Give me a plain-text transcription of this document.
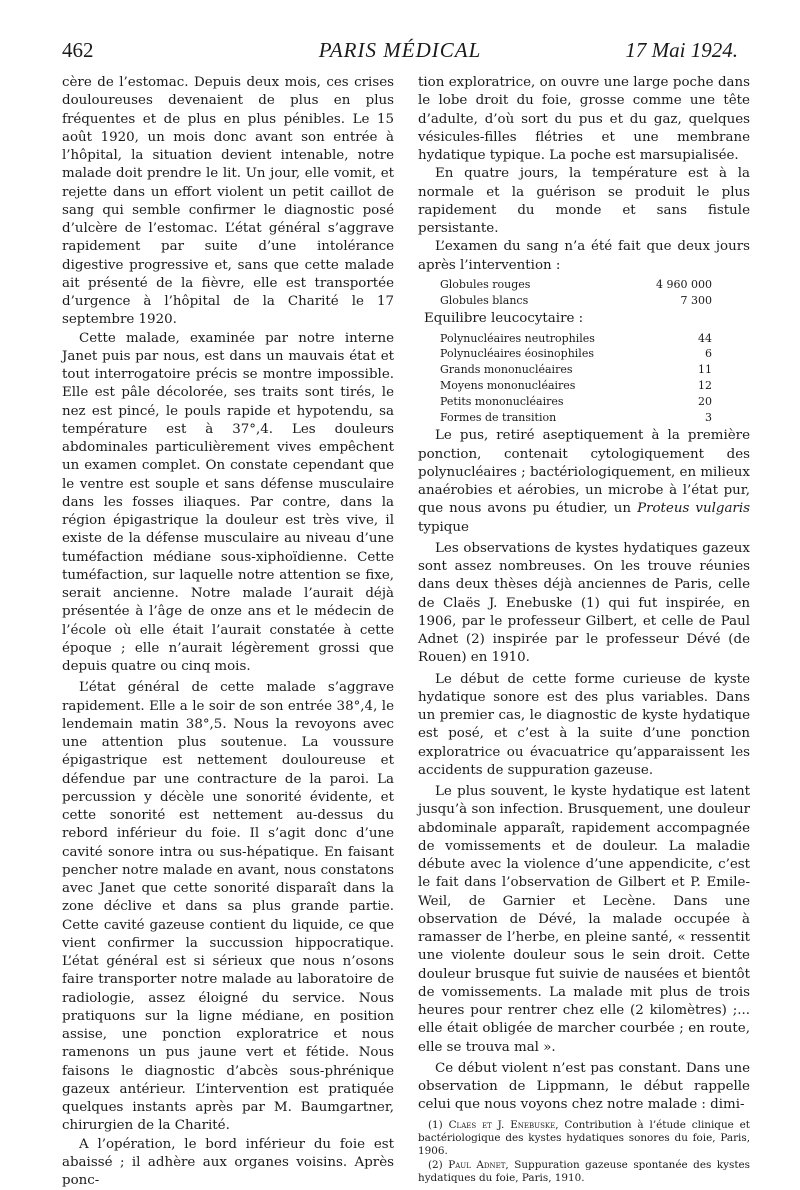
462	PARIS MÉDICAL	17 Mai 1924.

cère de l’estomac. Depuis deux mois, ces crises douloureuses devenaient de plus en plus fréquentes et de plus en plus pénibles. Le 15 août 1920, un mois donc avant son entrée à l’hôpital, la situation devient intenable, notre malade doit prendre le lit. Un jour, elle vomit, et rejette dans un effort violent un petit caillot de sang qui semble confirmer le diagnostic posé d’ulcère de l’estomac. L’état général s’aggrave rapidement par suite d’une intolérance digestive progressive et, sans que cette malade ait présenté de la fièvre, elle est transportée d’urgence à l’hôpital de la Charité le 17 septembre 1920.

Cette malade, examinée par notre interne Janet puis par nous, est dans un mauvais état et tout interrogatoire précis se montre impossible. Elle est pâle décolorée, ses traits sont tirés, le nez est pincé, le pouls rapide et hypotendu, sa température est à 37°,4. Les douleurs abdominales particulièrement vives empêchent un examen complet. On constate cependant que le ventre est souple et sans défense musculaire dans les fosses iliaques. Par contre, dans la région épigastrique la douleur est très vive, il existe de la défense musculaire au niveau d’une tuméfaction médiane sous-xiphoïdienne. Cette tuméfaction, sur laquelle notre attention se fixe, serait ancienne. Notre malade l’aurait déjà présentée à l’âge de onze ans et le médecin de l’école où elle était l’aurait constatée à cette époque ; elle n’aurait légèrement grossi que depuis quatre ou cinq mois.

L’état général de cette malade s’aggrave rapidement. Elle a le soir de son entrée 38°,4, le lendemain matin 38°,5. Nous la revoyons avec une attention plus soutenue. La voussure épigastrique est nettement douloureuse et défendue par une contracture de la paroi. La percussion y décèle une sonorité évidente, et cette sonorité est nettement au-dessus du rebord inférieur du foie. Il s’agit donc d’une cavité sonore intra ou sus-hépatique. En faisant pencher notre malade en avant, nous constatons avec Janet que cette sonorité disparaît dans la zone déclive et dans sa plus grande partie. Cette cavité gazeuse contient du liquide, ce que vient confirmer la succussion hippocratique. L’état général est si sérieux que nous n’osons faire transporter notre malade au laboratoire de radiologie, assez éloigné du service. Nous pratiquons sur la ligne médiane, en position assise, une ponction exploratrice et nous ramenons un pus jaune vert et fétide. Nous faisons le diagnostic d’abcès sous-phrénique gazeux antérieur. L’intervention est pratiquée quelques instants après par M. Baumgartner, chirurgien de la Charité.

A l’opération, le bord inférieur du foie est abaissé ; il adhère aux organes voisins. Après ponc-

tion exploratrice, on ouvre une large poche dans le lobe droit du foie, grosse comme une tête d’adulte, d’où sort du pus et du gaz, quelques vésicules-filles flétries et une membrane hydatique typique. La poche est marsupialisée.

En quatre jours, la température est à la normale et la guérison se produit le plus rapidement du monde et sans fistule persistante.

L’examen du sang n’a été fait que deux jours après l’intervention :

Globules rouges	4 960 000
Globules blancs	7 300
Equilibre leucocytaire :
Polynucléaires neutrophiles	44
Polynucléaires éosinophiles	6
Grands mononucléaires	11
Moyens mononucléaires	12
Petits mononucléaires	20
Formes de transition	3

Le pus, retiré aseptiquement à la première ponction, contenait cytologiquement des polynucléaires ; bactériologiquement, en milieux anaérobies et aérobies, un microbe à l’état pur, que nous avons pu étudier, un Proteus vulgaris typique

Les observations de kystes hydatiques gazeux sont assez nombreuses. On les trouve réunies dans deux thèses déjà anciennes de Paris, celle de Claës J. Enebuske (1) qui fut inspirée, en 1906, par le professeur Gilbert, et celle de Paul Adnet (2) inspirée par le professeur Dévé (de Rouen) en 1910.

Le début de cette forme curieuse de kyste hydatique sonore est des plus variables. Dans un premier cas, le diagnostic de kyste hydatique est posé, et c’est à la suite d’une ponction exploratrice ou évacuatrice qu’apparaissent les accidents de suppuration gazeuse.

Le plus souvent, le kyste hydatique est latent jusqu’à son infection. Brusquement, une douleur abdominale apparaît, rapidement accompagnée de vomissements et de douleur. La maladie débute avec la violence d’une appendicite, c’est le fait dans l’observation de Gilbert et P. Emile-Weil, de Garnier et Lecène. Dans une observation de Dévé, la malade occupée à ramasser de l’herbe, en pleine santé, « ressentit une violente douleur sous le sein droit. Cette douleur brusque fut suivie de nausées et bientôt de vomissements. La malade mit plus de trois heures pour rentrer chez elle (2 kilomètres) ;... elle était obligée de marcher courbée ; en route, elle se trouva mal ».

Ce début violent n’est pas constant. Dans une observation de Lippmann, le début rappelle celui que nous voyons chez notre malade : dimi-

(1) Claes et J. Enebuske, Contribution à l’étude clinique et bactériologique des kystes hydatiques sonores du foie, Paris, 1906.
(2) Paul Adnet, Suppuration gazeuse spontanée des kystes hydatiques du foie, Paris, 1910.
